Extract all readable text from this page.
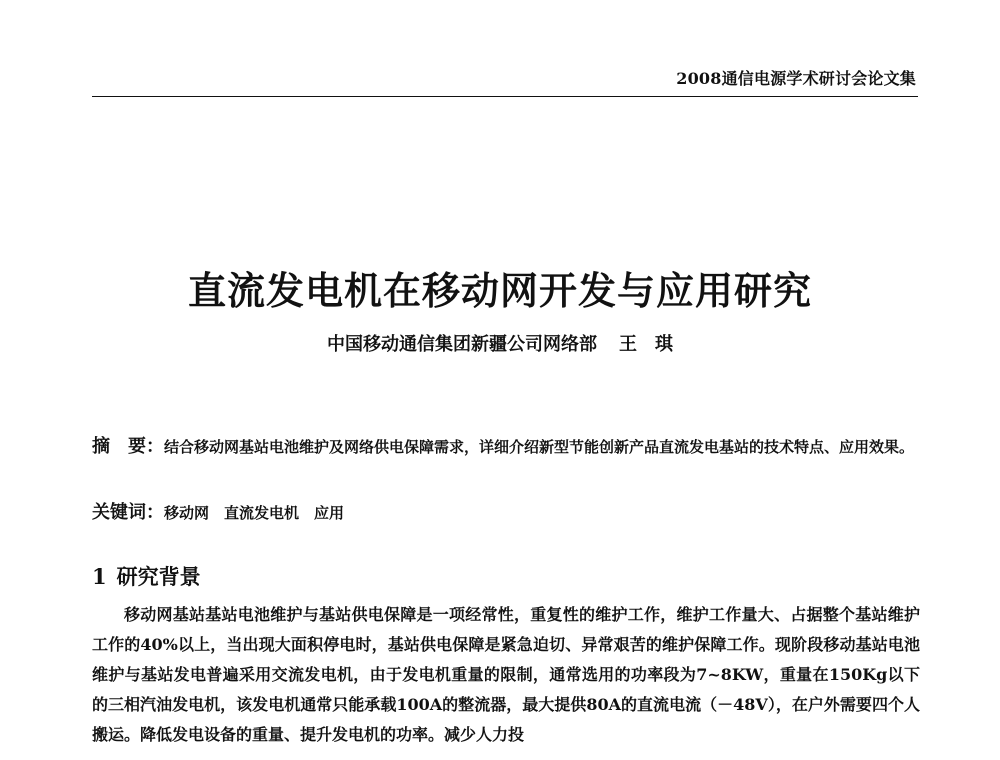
2008通信电源学术研讨会论文集
直流发电机在移动网开发与应用研究
中国移动通信集团新疆公司网络部 王　琪
摘　要：结合移动网基站电池维护及网络供电保障需求，详细介绍新型节能创新产品直流发电基站的技术特点、应用效果。
关键词：移动网　直流发电机　应用
1 研究背景
移动网基站基站电池维护与基站供电保障是一项经常性，重复性的维护工作，维护工作量大、占据整个基站维护工作的40%以上，当出现大面积停电时，基站供电保障是紧急迫切、异常艰苦的维护保障工作。现阶段移动基站电池维护与基站发电普遍采用交流发电机，由于发电机重量的限制，通常选用的功率段为7~8KW，重量在150Kg以下的三相汽油发电机，该发电机通常只能承载100A的整流器，最大提供80A的直流电流（－48V），在户外需要四个人搬运。降低发电设备的重量、提升发电机的功率。减少人力投
